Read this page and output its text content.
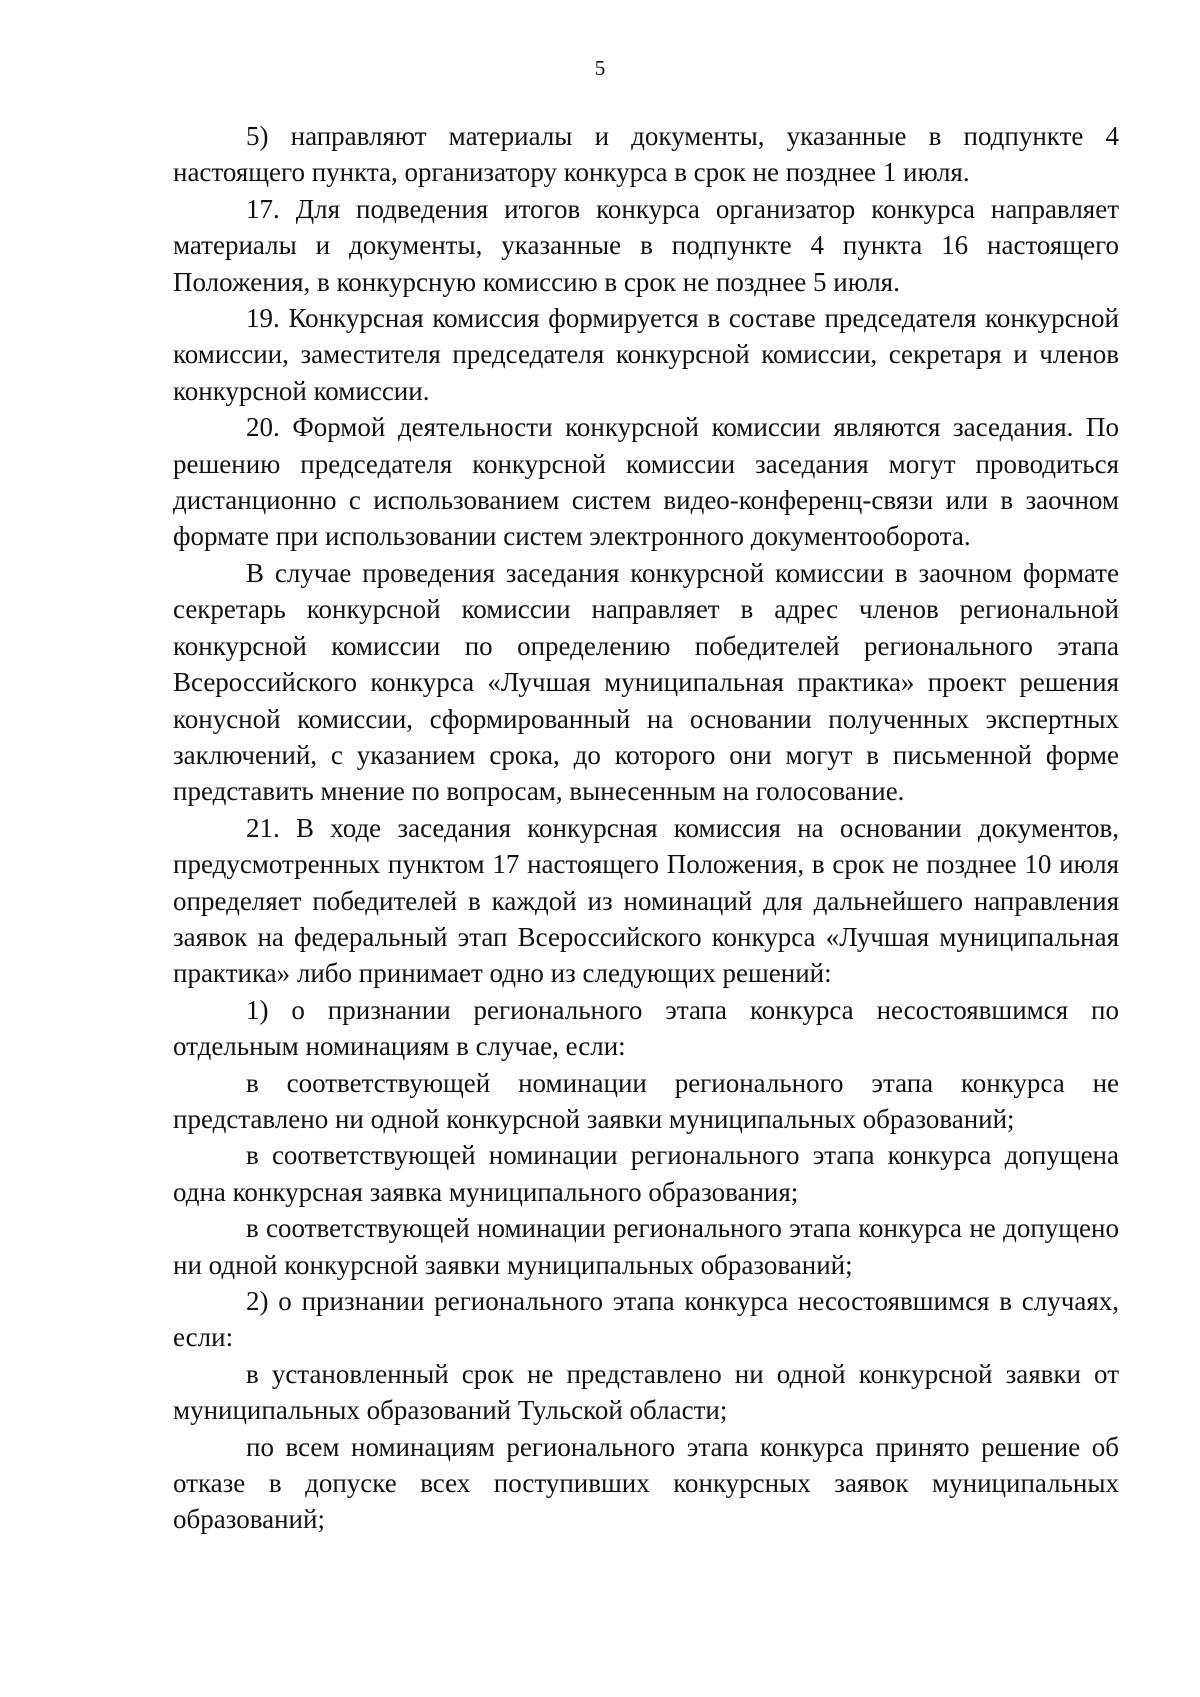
5

5) направляют материалы и документы, указанные в подпункте 4 настоящего пункта, организатору конкурса в срок не позднее 1 июля.

17. Для подведения итогов конкурса организатор конкурса направляет материалы и документы, указанные в подпункте 4 пункта 16 настоящего Положения, в конкурсную комиссию в срок не позднее 5 июля.

19. Конкурсная комиссия формируется в составе председателя конкурсной комиссии, заместителя председателя конкурсной комиссии, секретаря и членов конкурсной комиссии.

20. Формой деятельности конкурсной комиссии являются заседания. По решению председателя конкурсной комиссии заседания могут проводиться дистанционно с использованием систем видео-конференц-связи или в заочном формате при использовании систем электронного документооборота.

В случае проведения заседания конкурсной комиссии в заочном формате секретарь конкурсной комиссии направляет в адрес членов региональной конкурсной комиссии по определению победителей регионального этапа Всероссийского конкурса «Лучшая муниципальная практика» проект решения конусной комиссии, сформированный на основании полученных экспертных заключений, с указанием срока, до которого они могут в письменной форме представить мнение по вопросам, вынесенным на голосование.

21. В ходе заседания конкурсная комиссия на основании документов, предусмотренных пунктом 17 настоящего Положения, в срок не позднее 10 июля определяет победителей в каждой из номинаций для дальнейшего направления заявок на федеральный этап Всероссийского конкурса «Лучшая муниципальная практика» либо принимает одно из следующих решений:

1) о признании регионального этапа конкурса несостоявшимся по отдельным номинациям в случае, если:

в соответствующей номинации регионального этапа конкурса не представлено ни одной конкурсной заявки муниципальных образований;

в соответствующей номинации регионального этапа конкурса допущена одна конкурсная заявка муниципального образования;

в соответствующей номинации регионального этапа конкурса не допущено ни одной конкурсной заявки муниципальных образований;

2) о признании регионального этапа конкурса несостоявшимся в случаях, если:

в установленный срок не представлено ни одной конкурсной заявки от муниципальных образований Тульской области;

по всем номинациям регионального этапа конкурса принято решение об отказе в допуске всех поступивших конкурсных заявок муниципальных образований;
